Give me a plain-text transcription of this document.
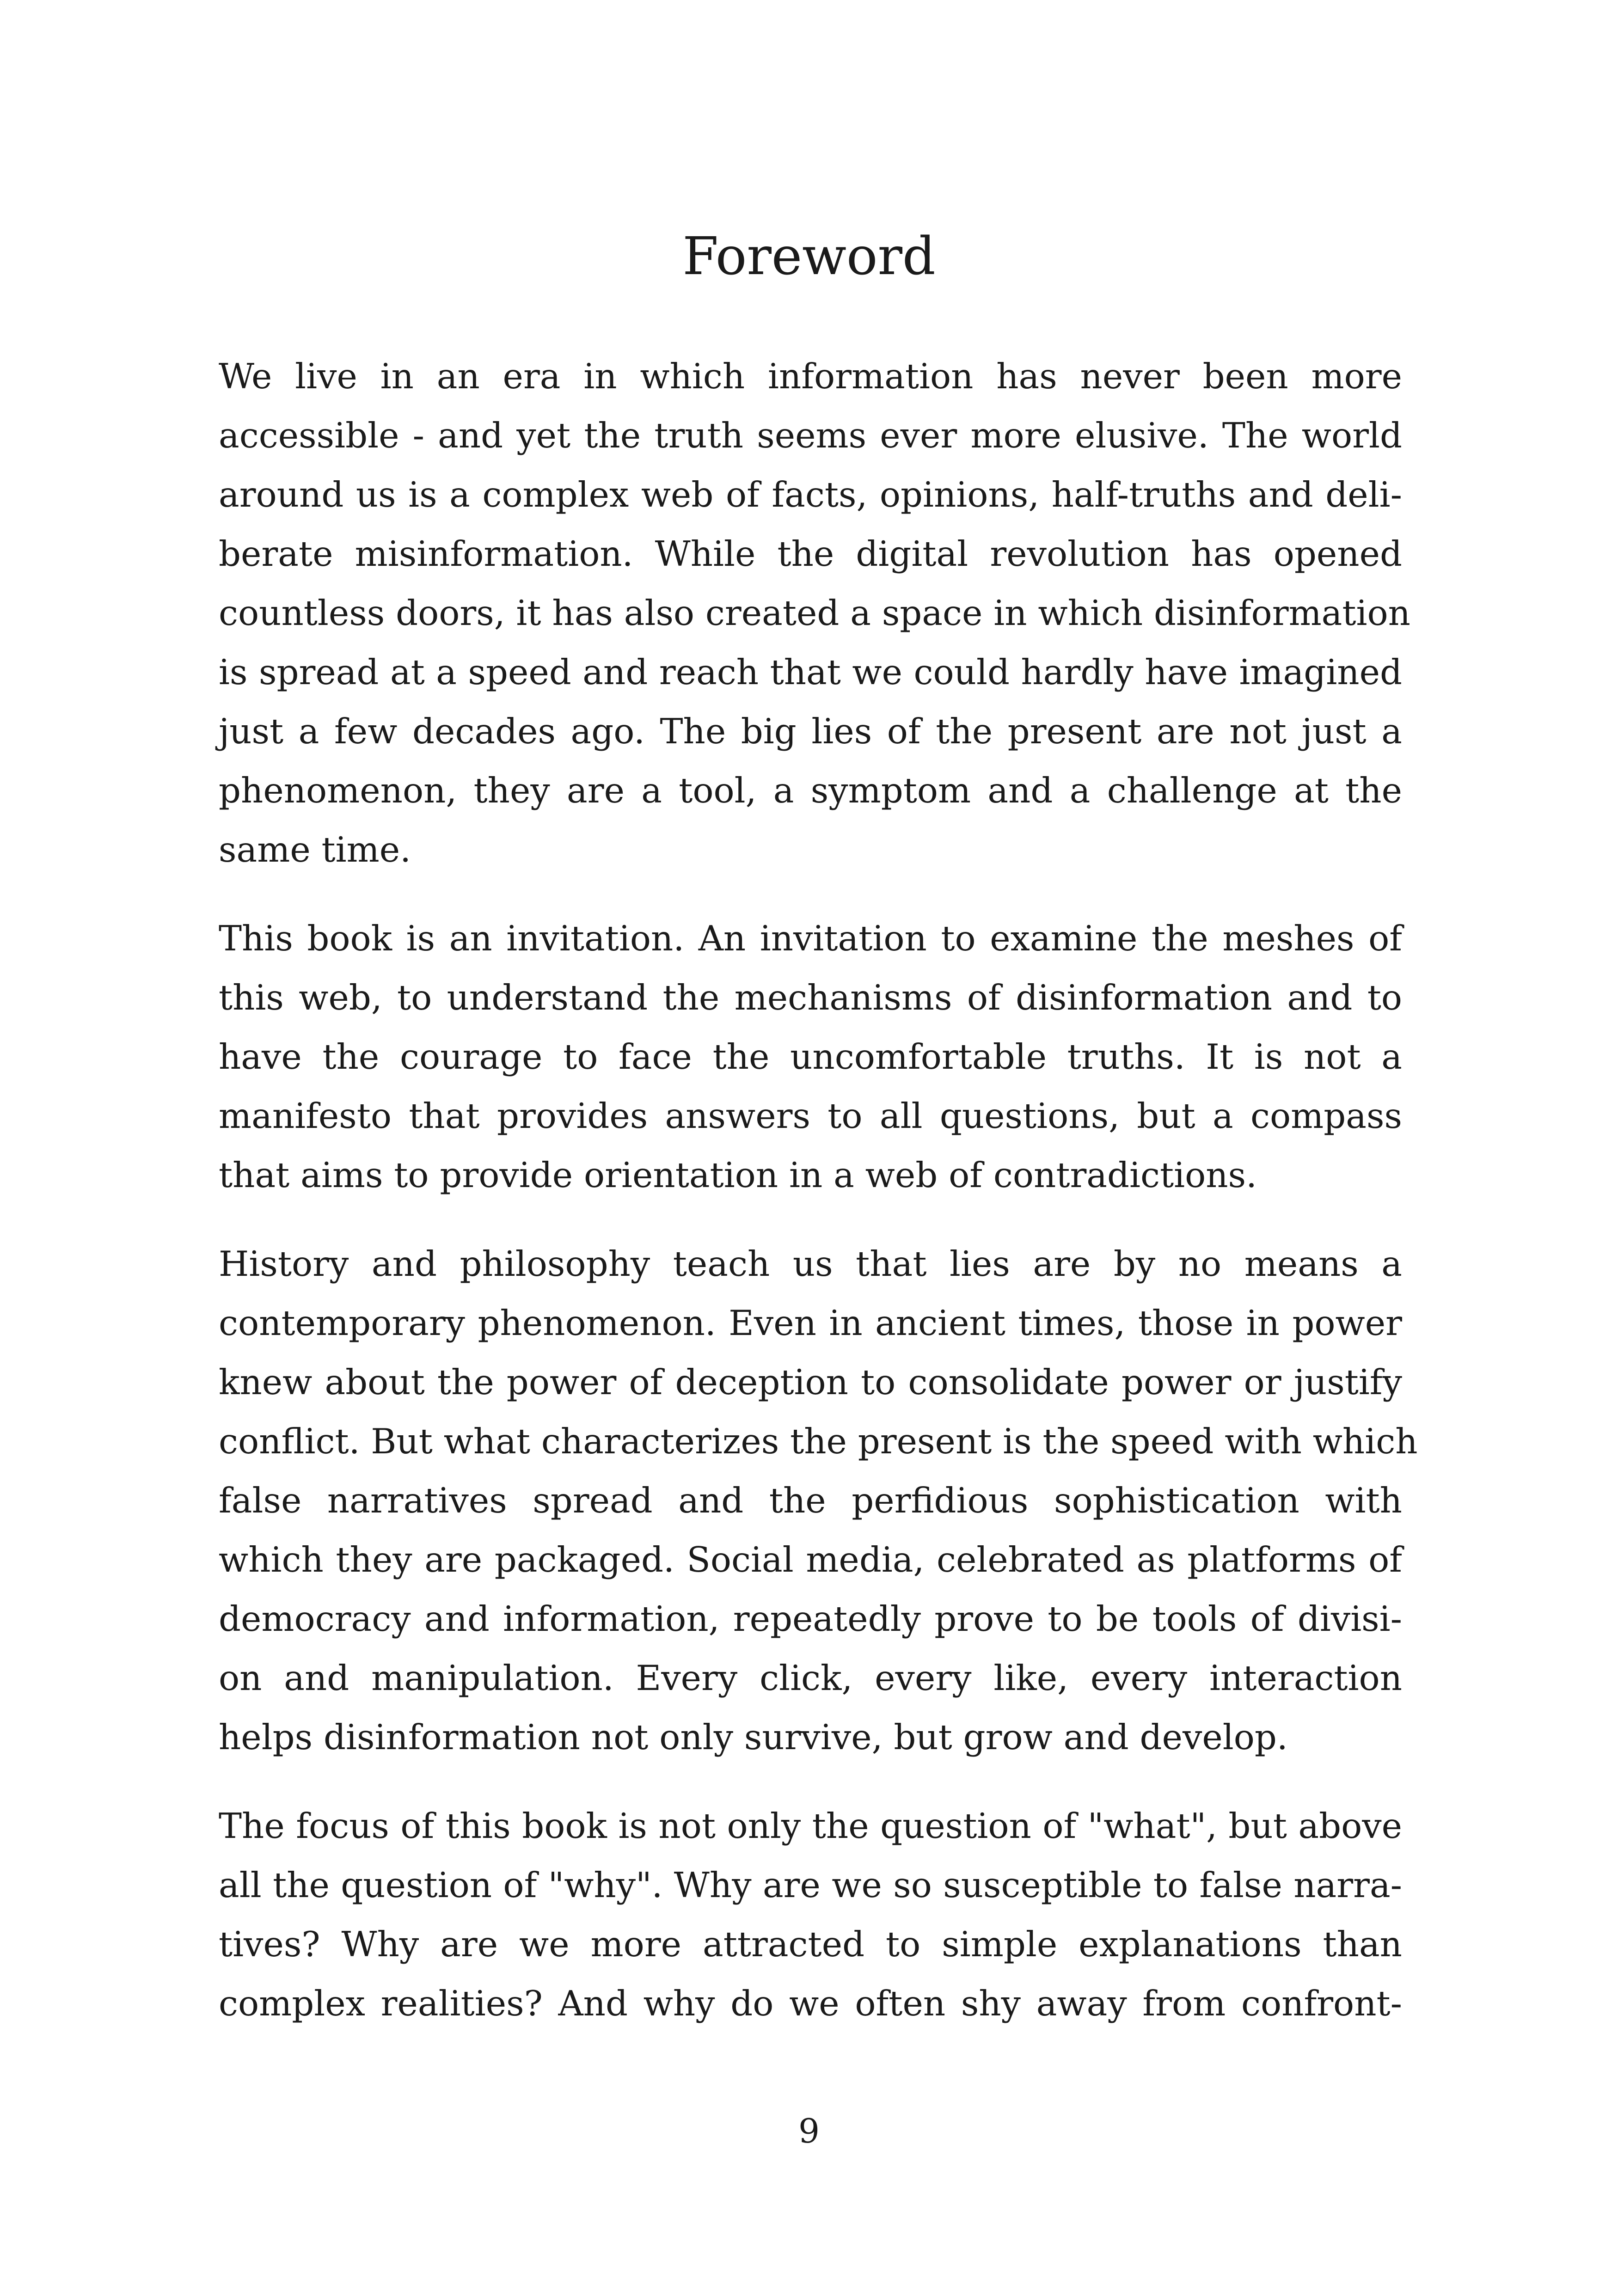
Foreword

We live in an era in which information has never been more
accessible - and yet the truth seems ever more elusive. The world
around us is a complex web of facts, opinions, half-truths and deli-
berate misinformation. While the digital revolution has opened
countless doors, it has also created a space in which disinformation
is spread at a speed and reach that we could hardly have imagined
just a few decades ago. The big lies of the present are not just a
phenomenon, they are a tool, a symptom and a challenge at the
same time.

This book is an invitation. An invitation to examine the meshes of
this web, to understand the mechanisms of disinformation and to
have the courage to face the uncomfortable truths. It is not a
manifesto that provides answers to all questions, but a compass
that aims to provide orientation in a web of contradictions.

History and philosophy teach us that lies are by no means a
contemporary phenomenon. Even in ancient times, those in power
knew about the power of deception to consolidate power or justify
conflict. But what characterizes the present is the speed with which
false narratives spread and the perfidious sophistication with
which they are packaged. Social media, celebrated as platforms of
democracy and information, repeatedly prove to be tools of divisi-
on and manipulation. Every click, every like, every interaction
helps disinformation not only survive, but grow and develop.

The focus of this book is not only the question of "what", but above
all the question of "why". Why are we so susceptible to false narra-
tives? Why are we more attracted to simple explanations than
complex realities? And why do we often shy away from confront-

9
